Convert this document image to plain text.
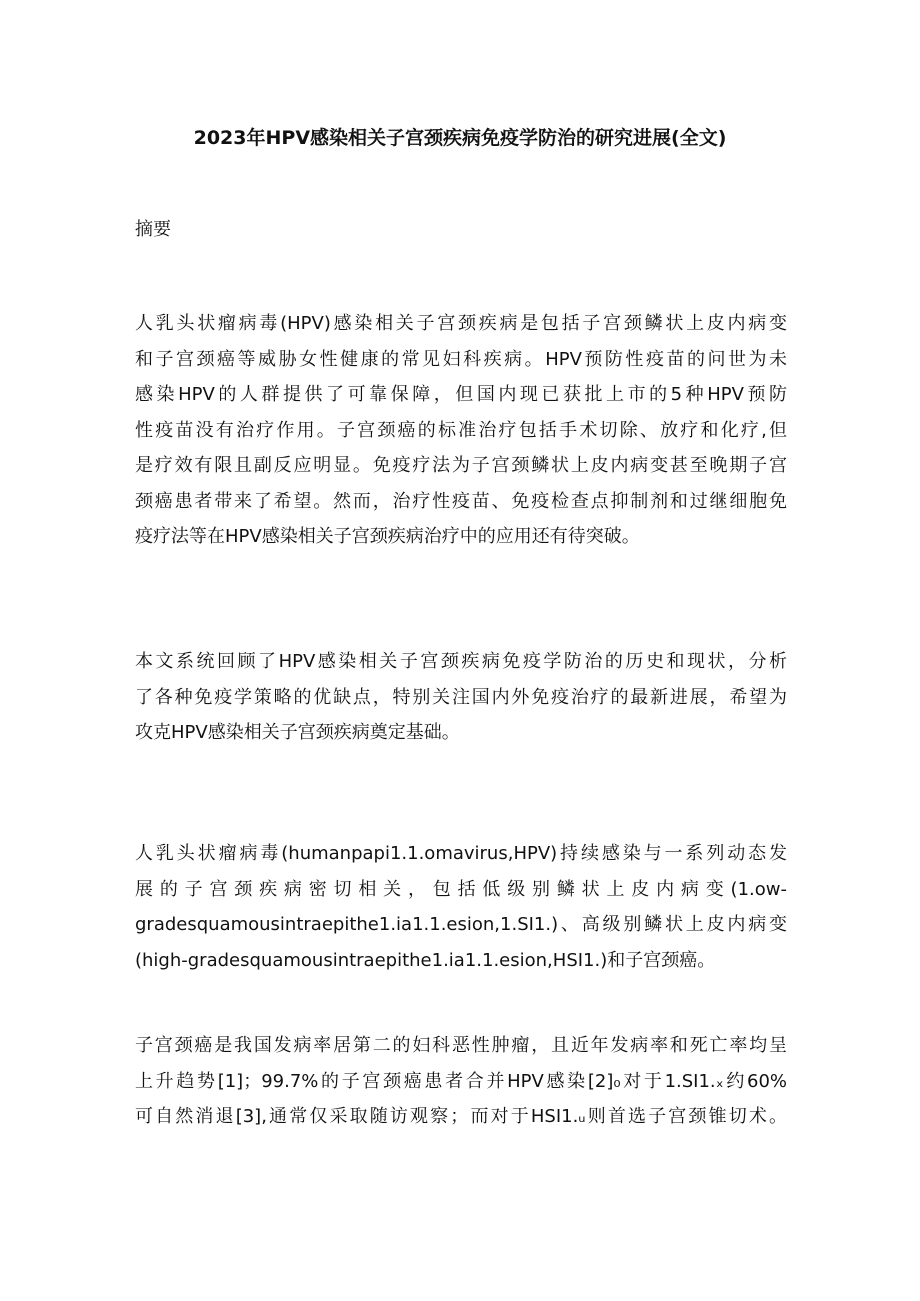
2023年HPV感染相关子宫颈疾病免疫学防治的研究进展(全文)
摘要
人乳头状瘤病毒(HPV)感染相关子宫颈疾病是包括子宫颈鳞状上皮内病变
和子宫颈癌等威胁女性健康的常见妇科疾病。HPV预防性疫苗的问世为未
感染HPV的人群提供了可靠保障，但国内现已获批上市的5种HPV预防
性疫苗没有治疗作用。子宫颈癌的标准治疗包括手术切除、放疗和化疗,但
是疗效有限且副反应明显。免疫疗法为子宫颈鳞状上皮内病变甚至晚期子宫
颈癌患者带来了希望。然而，治疗性疫苗、免疫检查点抑制剂和过继细胞免
疫疗法等在HPV感染相关子宫颈疾病治疗中的应用还有待突破。
本文系统回顾了HPV感染相关子宫颈疾病免疫学防治的历史和现状，分析
了各种免疫学策略的优缺点，特别关注国内外免疫治疗的最新进展，希望为
攻克HPV感染相关子宫颈疾病奠定基础。
人乳头状瘤病毒(humanpapi1.1.omavirus,HPV)持续感染与一系列动态发
展的子宫颈疾病密切相关，包括低级别鳞状上皮内病变(1.ow-
gradesquamousintraepithe1.ia1.1.esion,1.SI1.)、高级别鳞状上皮内病变
(high-gradesquamousintraepithe1.ia1.1.esion,HSI1.)和子宫颈癌。
子宫颈癌是我国发病率居第二的妇科恶性肿瘤，且近年发病率和死亡率均呈
上升趋势[1]；99.7%的子宫颈癌患者合并HPV感染[2]₀对于1.SI1.ₓ约60%
可自然消退[3],通常仅采取随访观察；而对于HSI1.ᵤ则首选子宫颈锥切术。
